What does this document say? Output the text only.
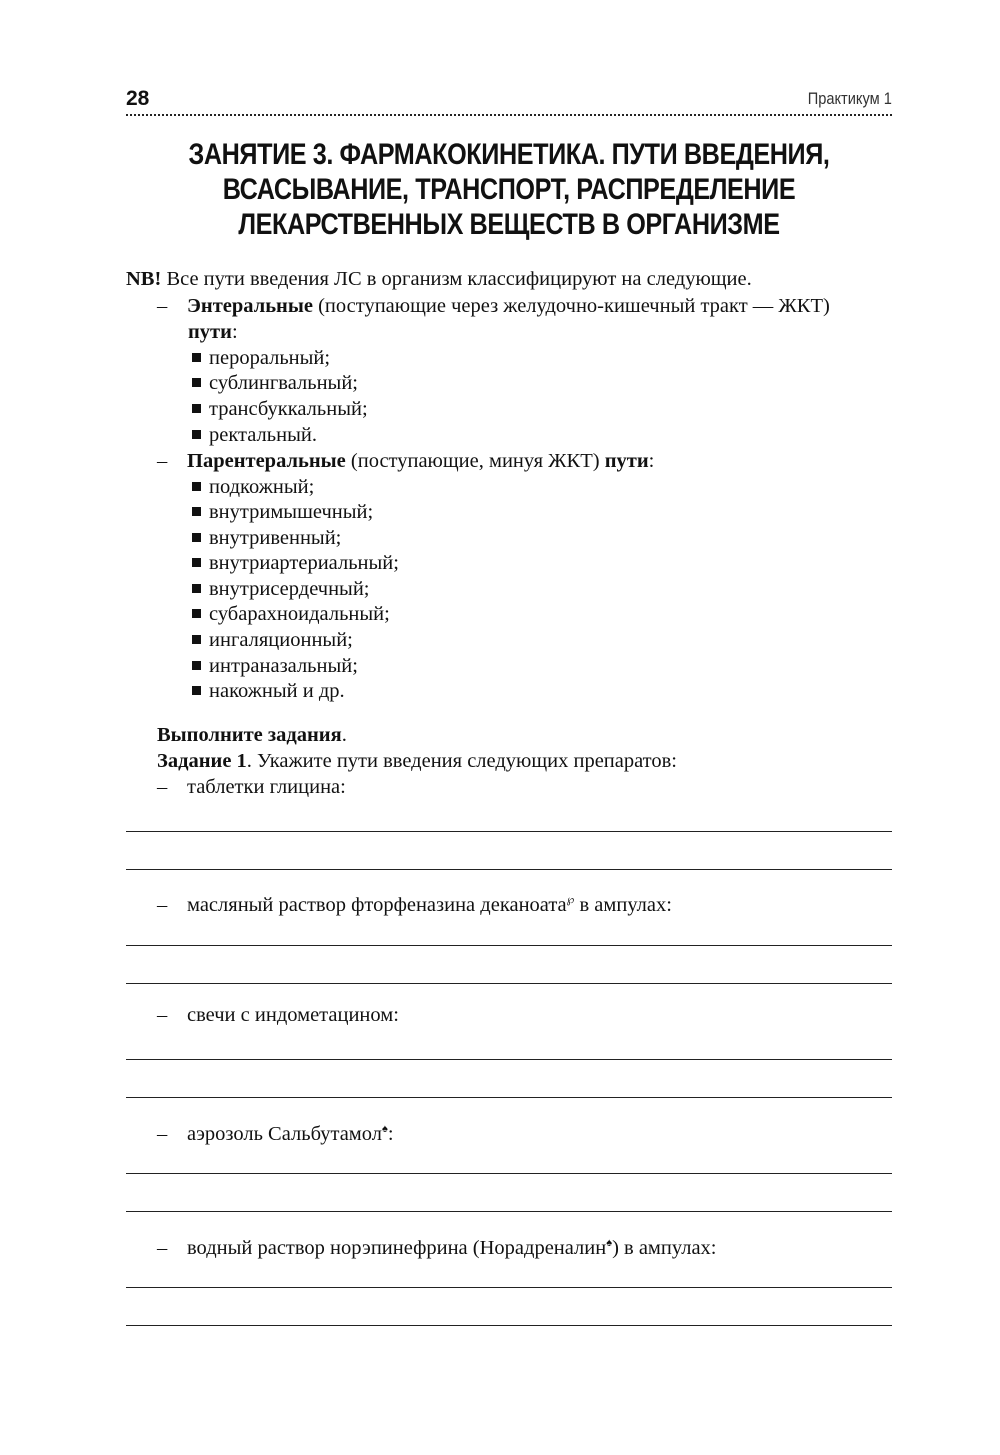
28	Практикум 1
ЗАНЯТИЕ 3. ФАРМАКОКИНЕТИКА. ПУТИ ВВЕДЕНИЯ,
ВСАСЫВАНИЕ, ТРАНСПОРТ, РАСПРЕДЕЛЕНИЕ
ЛЕКАРСТВЕННЫХ ВЕЩЕСТВ В ОРГАНИЗМЕ
NB! Все пути введения ЛС в организм классифицируют на следующие.
– Энтеральные (поступающие через желудочно-кишечный тракт — ЖКТ)
пути:
пероральный;
сублингвальный;
трансбуккальный;
ректальный.
– Парентеральные (поступающие, минуя ЖКТ) пути:
подкожный;
внутримышечный;
внутривенный;
внутриартериальный;
внутрисердечный;
субарахноидальный;
ингаляционный;
интраназальный;
накожный и др.
Выполните задания.
Задание 1. Укажите пути введения следующих препаратов:
– таблетки глицина:
– масляный раствор фторфеназина деканоата℘ в ампулах:
– свечи с индометацином:
– аэрозоль Сальбутамол♠:
– водный раствор норэпинефрина (Норадреналин♠) в ампулах:
